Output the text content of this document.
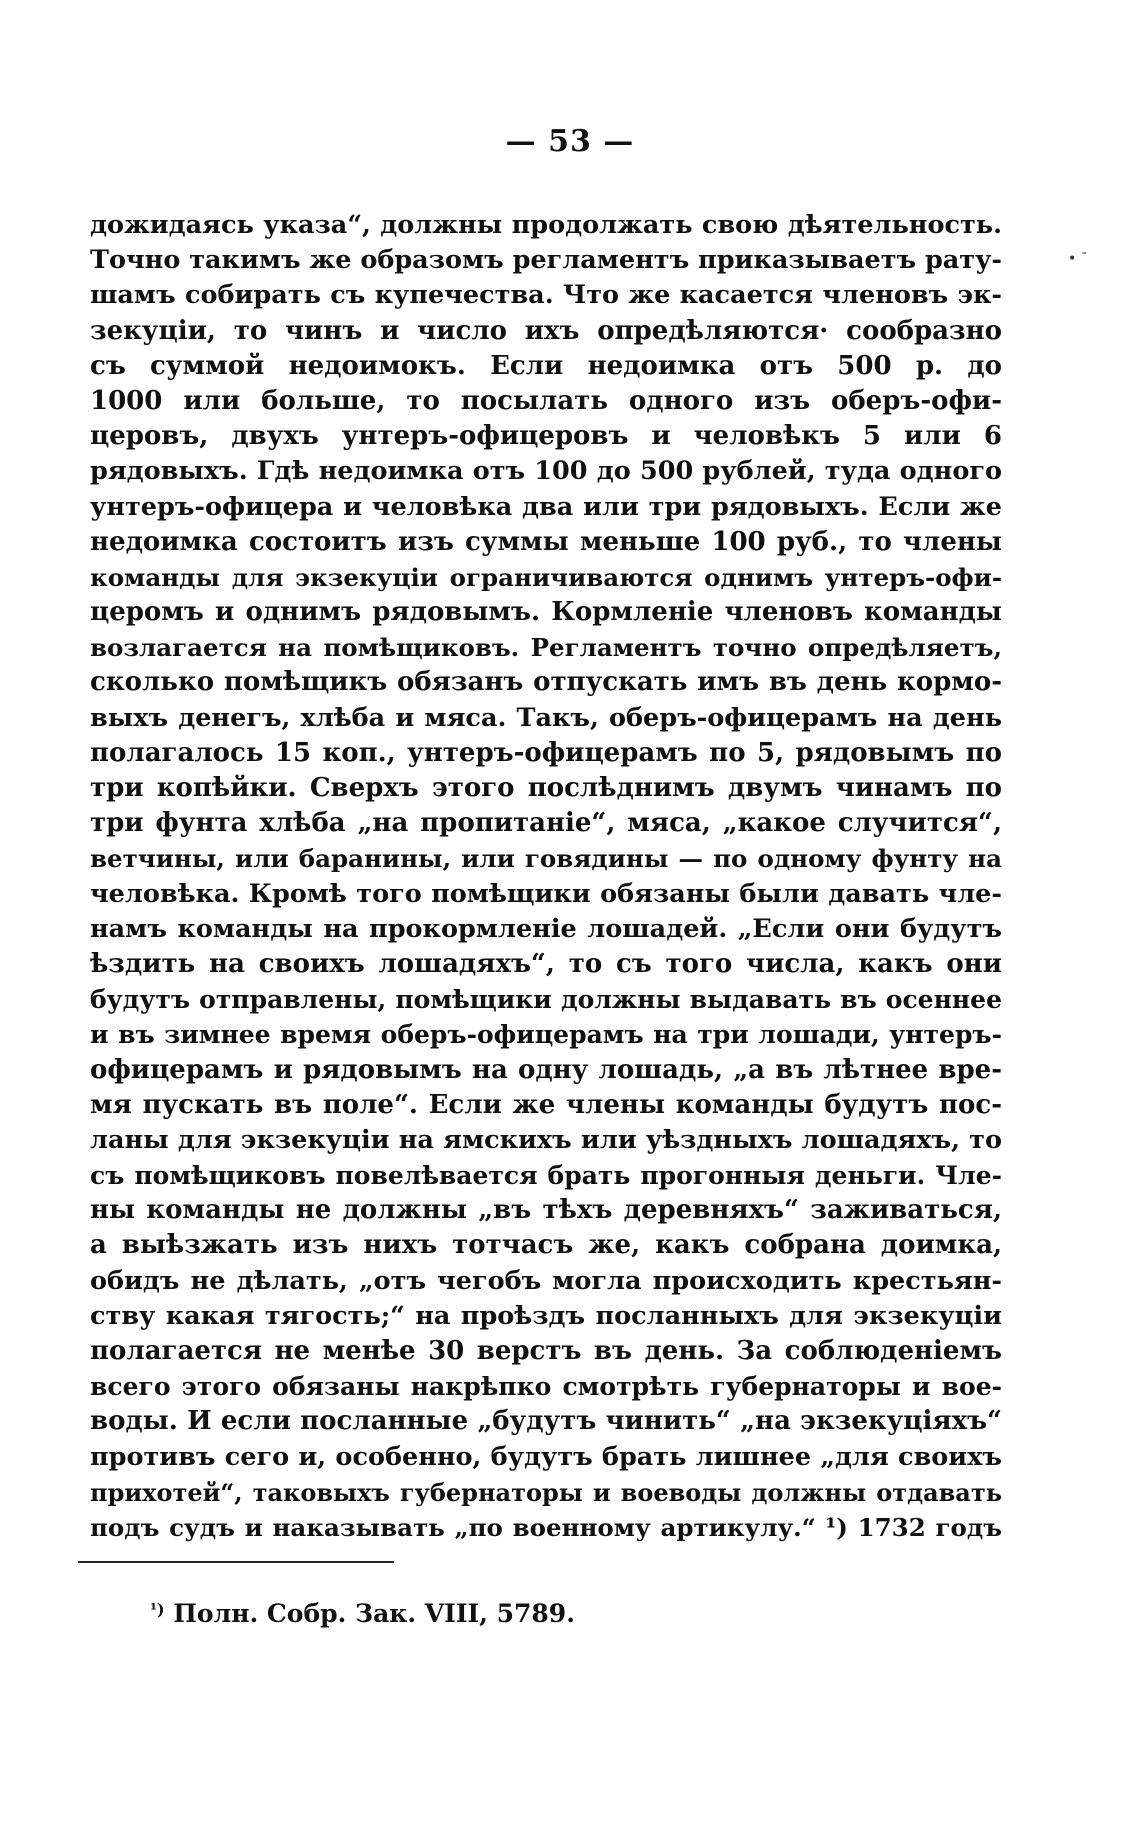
— 53 —
• ˉ
дожидаясь указа“, должны продолжать свою дѣятельность.
Точно такимъ же образомъ регламентъ приказываетъ рату-
шамъ собирать съ купечества. Что же касается членовъ эк-
зекуціи, то чинъ и число ихъ опредѣляются· сообразно
съ суммой недоимокъ. Если недоимка отъ 500 р. до
1000 или больше, то посылать одного изъ оберъ-офи-
церовъ, двухъ унтеръ-офицеровъ и человѣкъ 5 или 6
рядовыхъ. Гдѣ недоимка отъ 100 до 500 рублей, туда одного
унтеръ-офицера и человѣка два или три рядовыхъ. Если же
недоимка состоитъ изъ суммы меньше 100 руб., то члены
команды для экзекуціи ограничиваются однимъ унтеръ-офи-
церомъ и однимъ рядовымъ. Кормленіе членовъ команды
возлагается на помѣщиковъ. Регламентъ точно опредѣляетъ,
сколько помѣщикъ обязанъ отпускать имъ въ день кормо-
выхъ денегъ, хлѣба и мяса. Такъ, оберъ-офицерамъ на день
полагалось 15 коп., унтеръ-офицерамъ по 5, рядовымъ по
три копѣйки. Сверхъ этого послѣднимъ двумъ чинамъ по
три фунта хлѣба „на пропитаніе“, мяса, „какое случится“,
ветчины, или баранины, или говядины — по одному фунту на
человѣка. Кромѣ того помѣщики обязаны были давать чле-
намъ команды на прокормленіе лошадей. „Если они будутъ
ѣздить на своихъ лошадяхъ“, то съ того числа, какъ они
будутъ отправлены, помѣщики должны выдавать въ осеннее
и въ зимнее время оберъ-офицерамъ на три лошади, унтеръ-
офицерамъ и рядовымъ на одну лошадь, „а въ лѣтнее вре-
мя пускать въ поле“. Если же члены команды будутъ пос-
ланы для экзекуціи на ямскихъ или уѣздныхъ лошадяхъ, то
съ помѣщиковъ повелѣвается брать прогонныя деньги. Чле-
ны команды не должны „въ тѣхъ деревняхъ“ заживаться,
а выѣзжать изъ нихъ тотчасъ же, какъ собрана доимка,
обидъ не дѣлать, „отъ чегобъ могла происходить крестьян-
ству какая тягость;“ на проѣздъ посланныхъ для экзекуціи
полагается не менѣе 30 верстъ въ день. За соблюденіемъ
всего этого обязаны накрѣпко смотрѣть губернаторы и вое-
воды. И если посланные „будутъ чинить“ „на экзекуціяхъ“
противъ сего и, особенно, будутъ брать лишнее „для своихъ
прихотей“, таковыхъ губернаторы и воеводы должны отдавать
подъ судъ и наказывать „по военному артикулу.“ ¹) 1732 годъ
$^{^1)}$ Полн. Собр. Зак. VIII, 5789.
